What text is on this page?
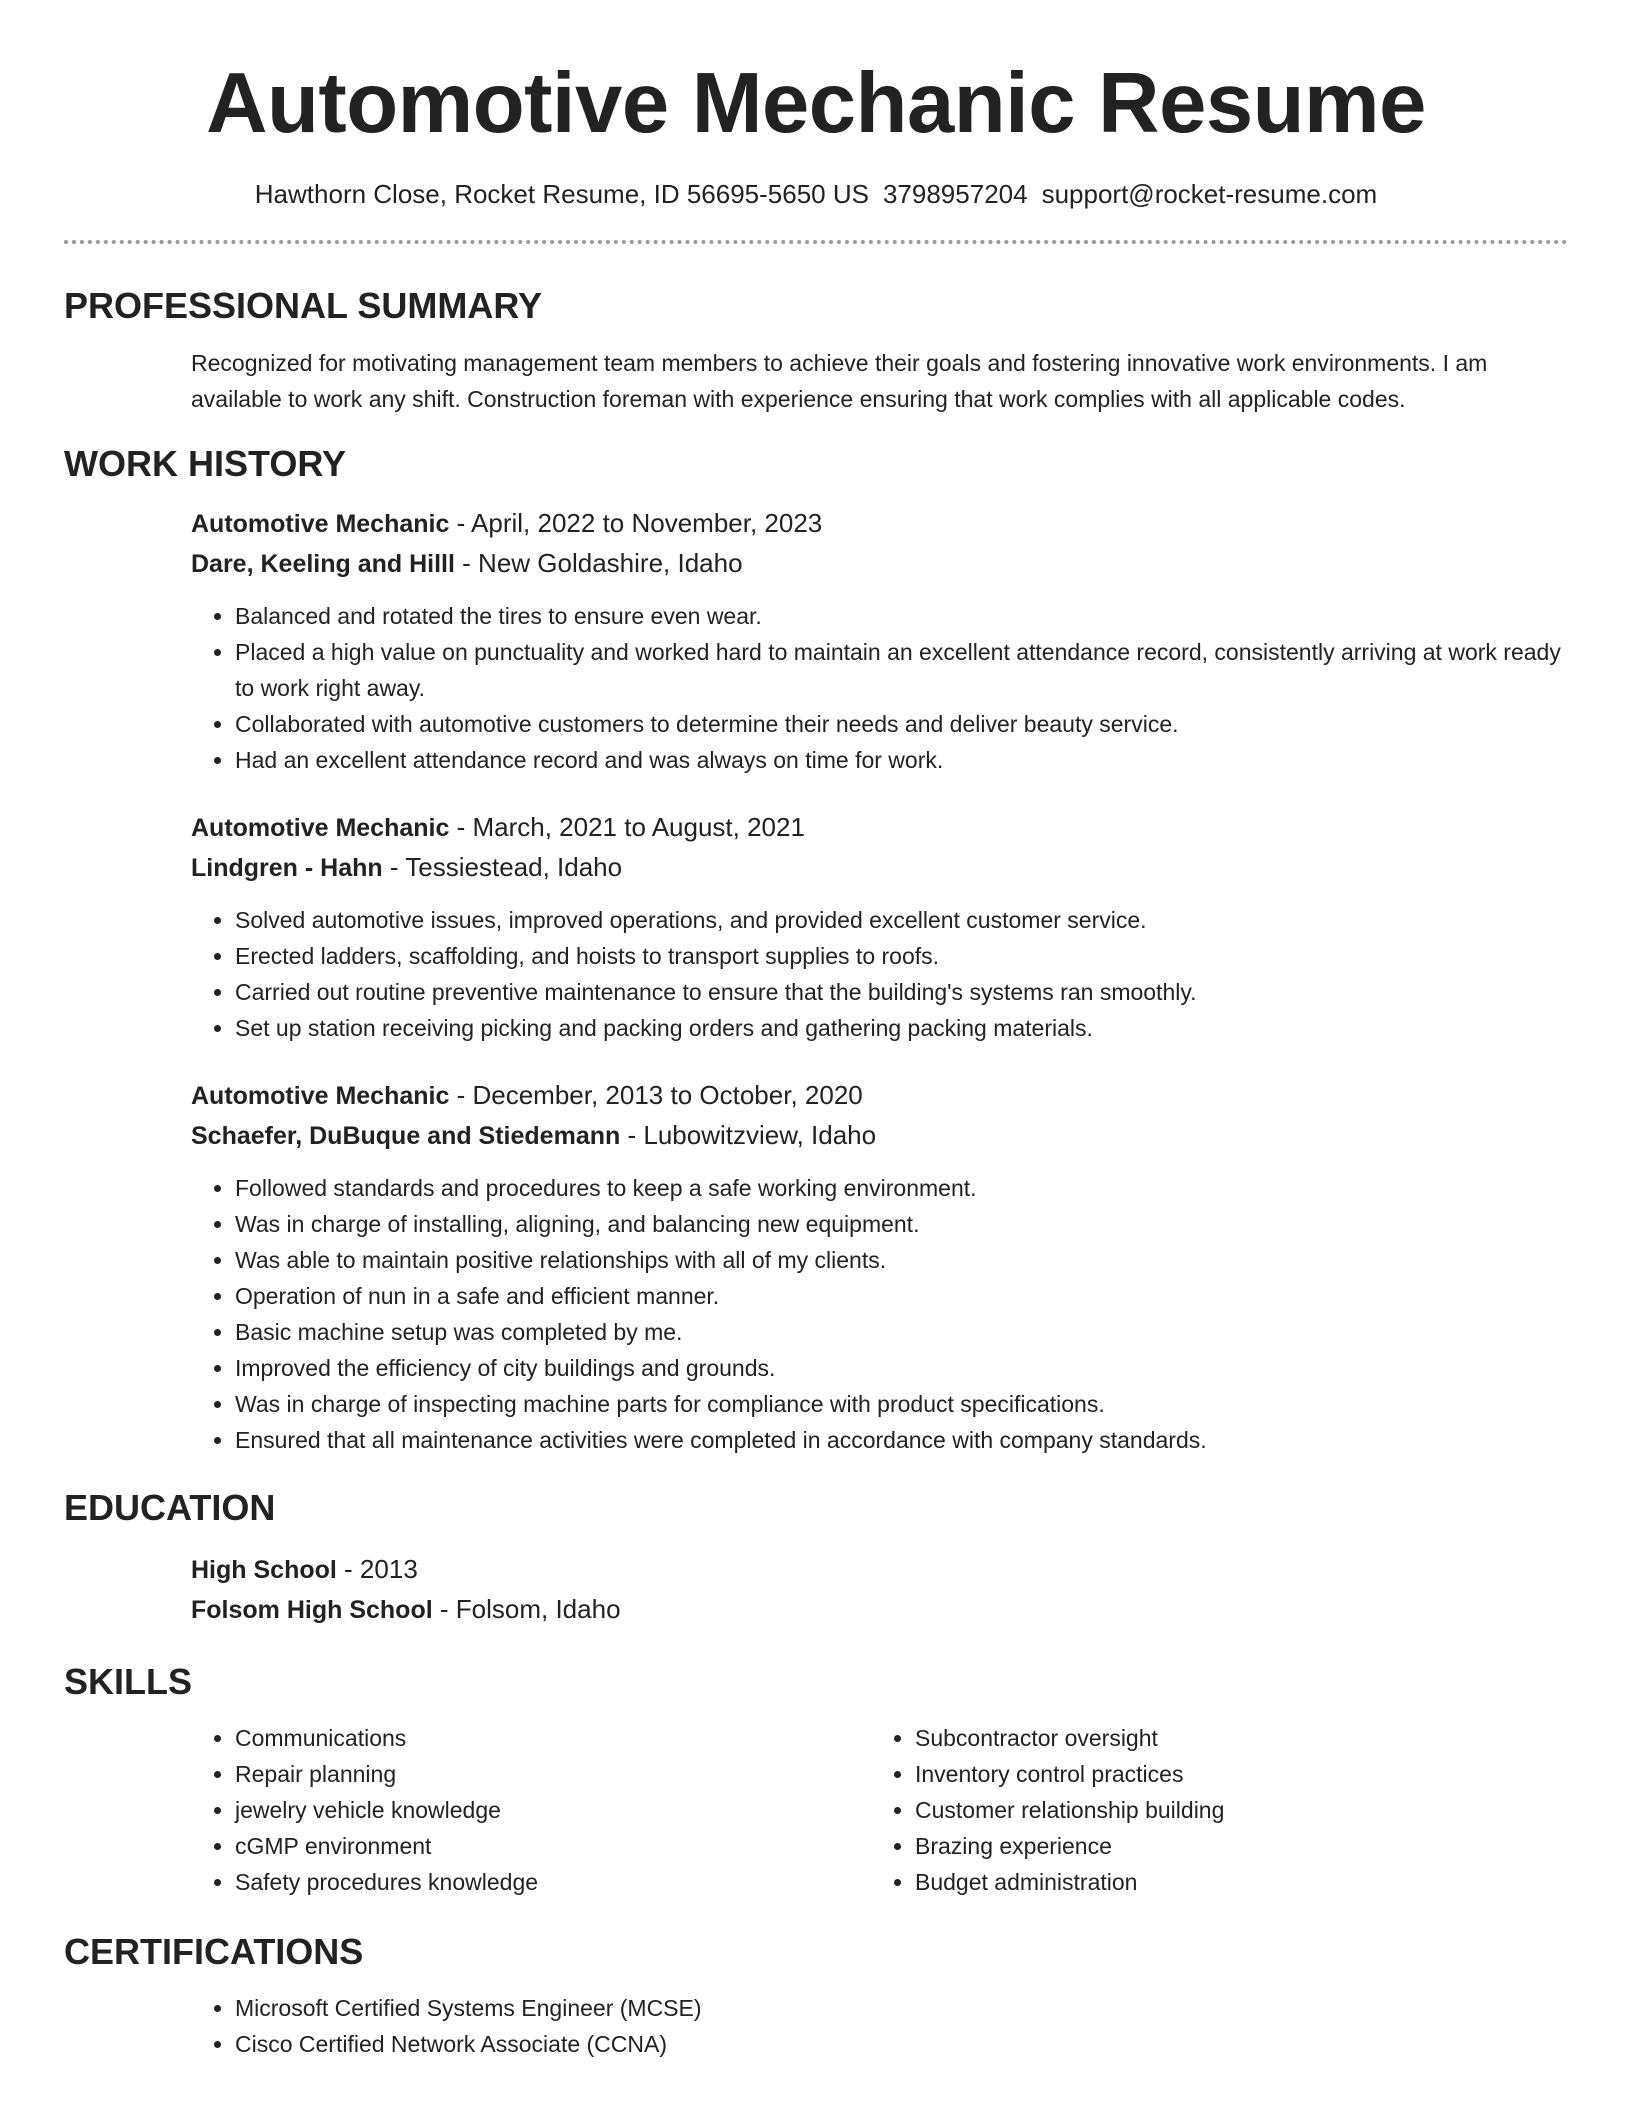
Automotive Mechanic Resume
Hawthorn Close, Rocket Resume, ID 56695-5650 US 3798957204 support@rocket-resume.com
PROFESSIONAL SUMMARY

Recognized for motivating management team members to achieve their goals and fostering innovative work environments. I am available to work any shift. Construction foreman with experience ensuring that work complies with all applicable codes.

WORK HISTORY

Automotive Mechanic - April, 2022 to November, 2023

Dare, Keeling and Hilll - New Goldashire, Idaho

• Balanced and rotated the tires to ensure even wear.
• Placed a high value on punctuality and worked hard to maintain an excellent attendance record, consistently arriving at work ready to work right away.
• Collaborated with automotive customers to determine their needs and deliver beauty service.
• Had an excellent attendance record and was always on time for work.

Automotive Mechanic - March, 2021 to August, 2021

Lindgren - Hahn - Tessiestead, Idaho

• Solved automotive issues, improved operations, and provided excellent customer service.
• Erected ladders, scaffolding, and hoists to transport supplies to roofs.
• Carried out routine preventive maintenance to ensure that the building's systems ran smoothly.
• Set up station receiving picking and packing orders and gathering packing materials.

Automotive Mechanic - December, 2013 to October, 2020

Schaefer, DuBuque and Stiedemann - Lubowitzview, Idaho

• Followed standards and procedures to keep a safe working environment.
• Was in charge of installing, aligning, and balancing new equipment.
• Was able to maintain positive relationships with all of my clients.
• Operation of nun in a safe and efficient manner.
• Basic machine setup was completed by me.
• Improved the efficiency of city buildings and grounds.
• Was in charge of inspecting machine parts for compliance with product specifications.
• Ensured that all maintenance activities were completed in accordance with company standards.
EDUCATION

High School - 2013

Folsom High School - Folsom, Idaho

SKILLS
• Communications
• Repair planning
• jewelry vehicle knowledge
• cGMP environment
• Safety procedures knowledge
• Subcontractor oversight
• Inventory control practices
• Customer relationship building
• Brazing experience
• Budget administration
CERTIFICATIONS
• Microsoft Certified Systems Engineer (MCSE)
• Cisco Certified Network Associate (CCNA)
